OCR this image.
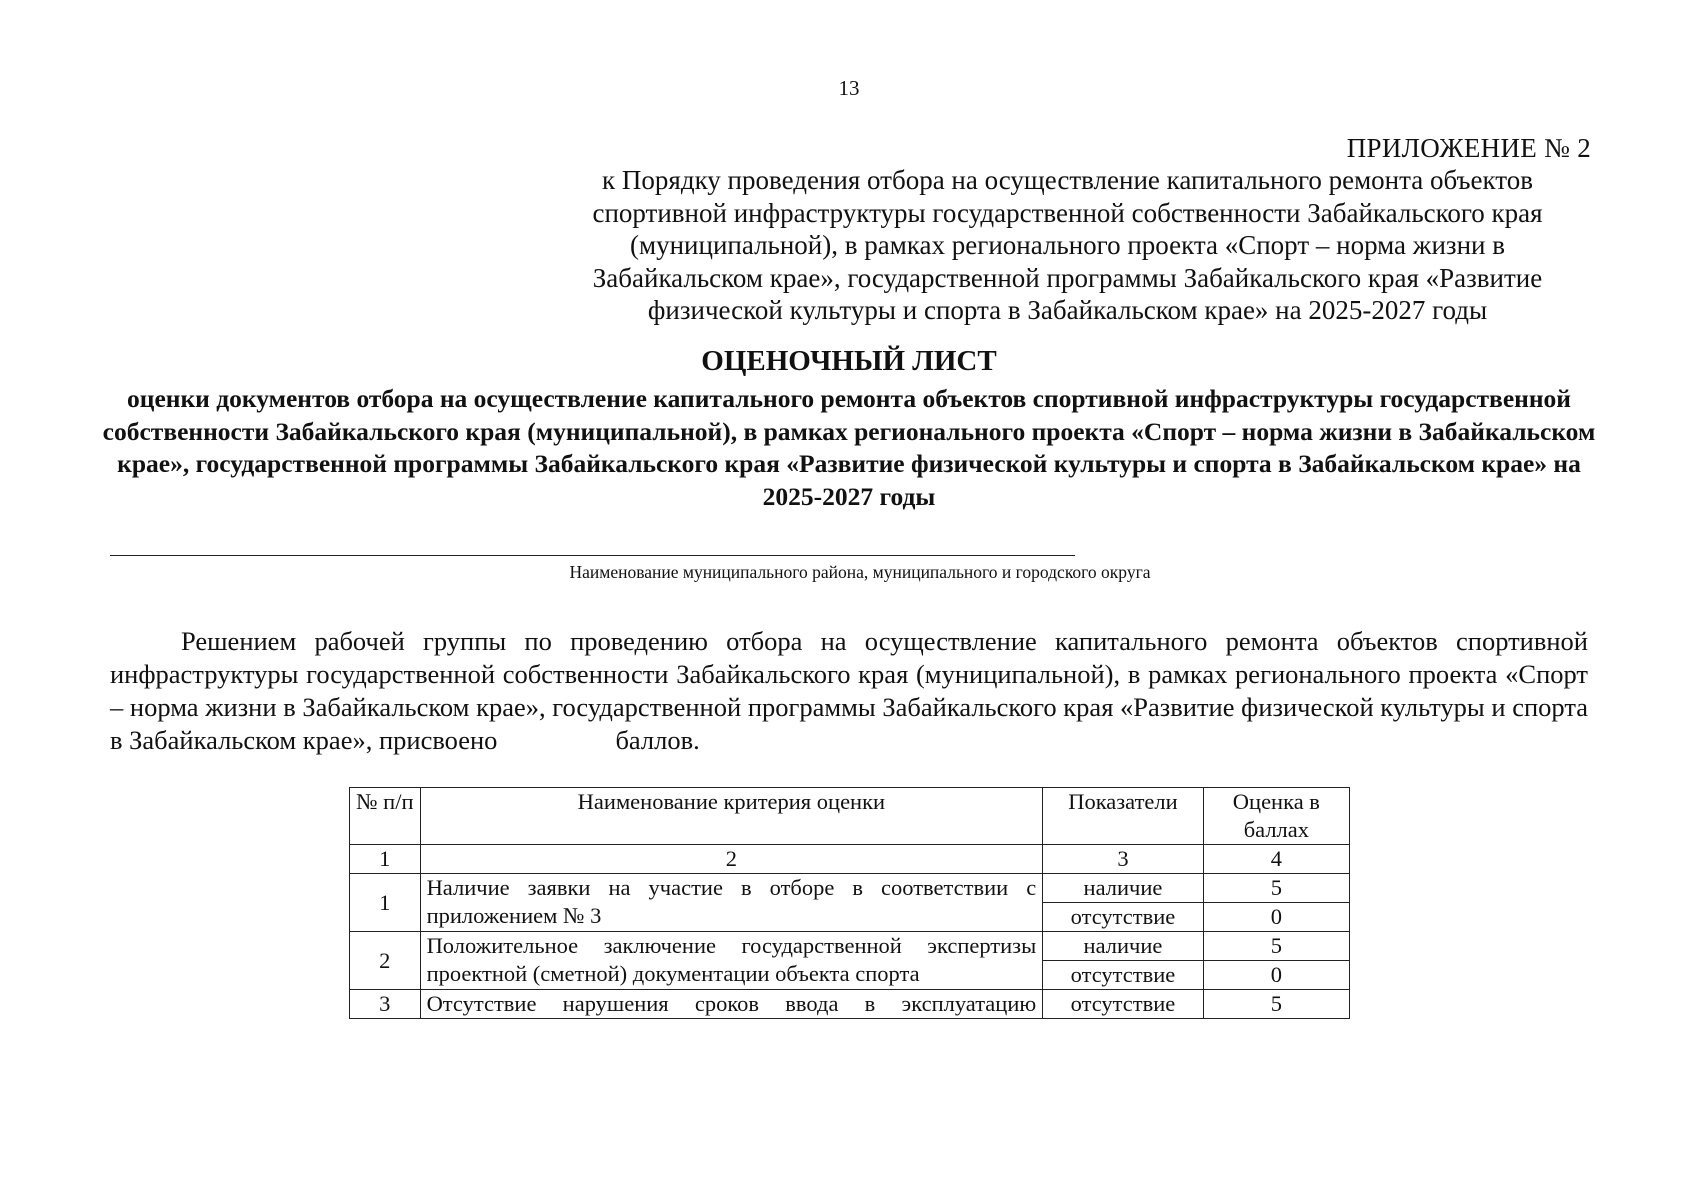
13
ПРИЛОЖЕНИЕ № 2
к Порядку проведения отбора на осуществление капитального ремонта объектов спортивной инфраструктуры государственной собственности Забайкальского края (муниципальной), в рамках регионального проекта «Спорт – норма жизни в Забайкальском крае», государственной программы Забайкальского края «Развитие физической культуры и спорта в Забайкальском крае» на 2025-2027 годы
ОЦЕНОЧНЫЙ ЛИСТ
оценки документов отбора на осуществление капитального ремонта объектов спортивной инфраструктуры государственной собственности Забайкальского края (муниципальной), в рамках регионального проекта «Спорт – норма жизни в Забайкальском крае», государственной программы Забайкальского края «Развитие физической культуры и спорта в Забайкальском крае» на 2025-2027 годы
Наименование муниципального района, муниципального и городского округа
Решением рабочей группы по проведению отбора на осуществление капитального ремонта объектов спортивной инфраструктуры государственной собственности Забайкальского края (муниципальной), в рамках регионального проекта «Спорт – норма жизни в Забайкальском крае», государственной программы Забайкальского края «Развитие физической культуры и спорта в Забайкальском крае», присвоено	баллов.
№ п/п	Наименование критерия оценки	Показатели	Оценка в баллах
1	2	3	4
1	Наличие заявки на участие в отборе в соответствии с приложением № 3	наличие	5
		отсутствие	0
2	Положительное заключение государственной экспертизы проектной (сметной) документации объекта спорта	наличие	5
		отсутствие	0
3	Отсутствие нарушения сроков ввода в эксплуатацию	отсутствие	5
